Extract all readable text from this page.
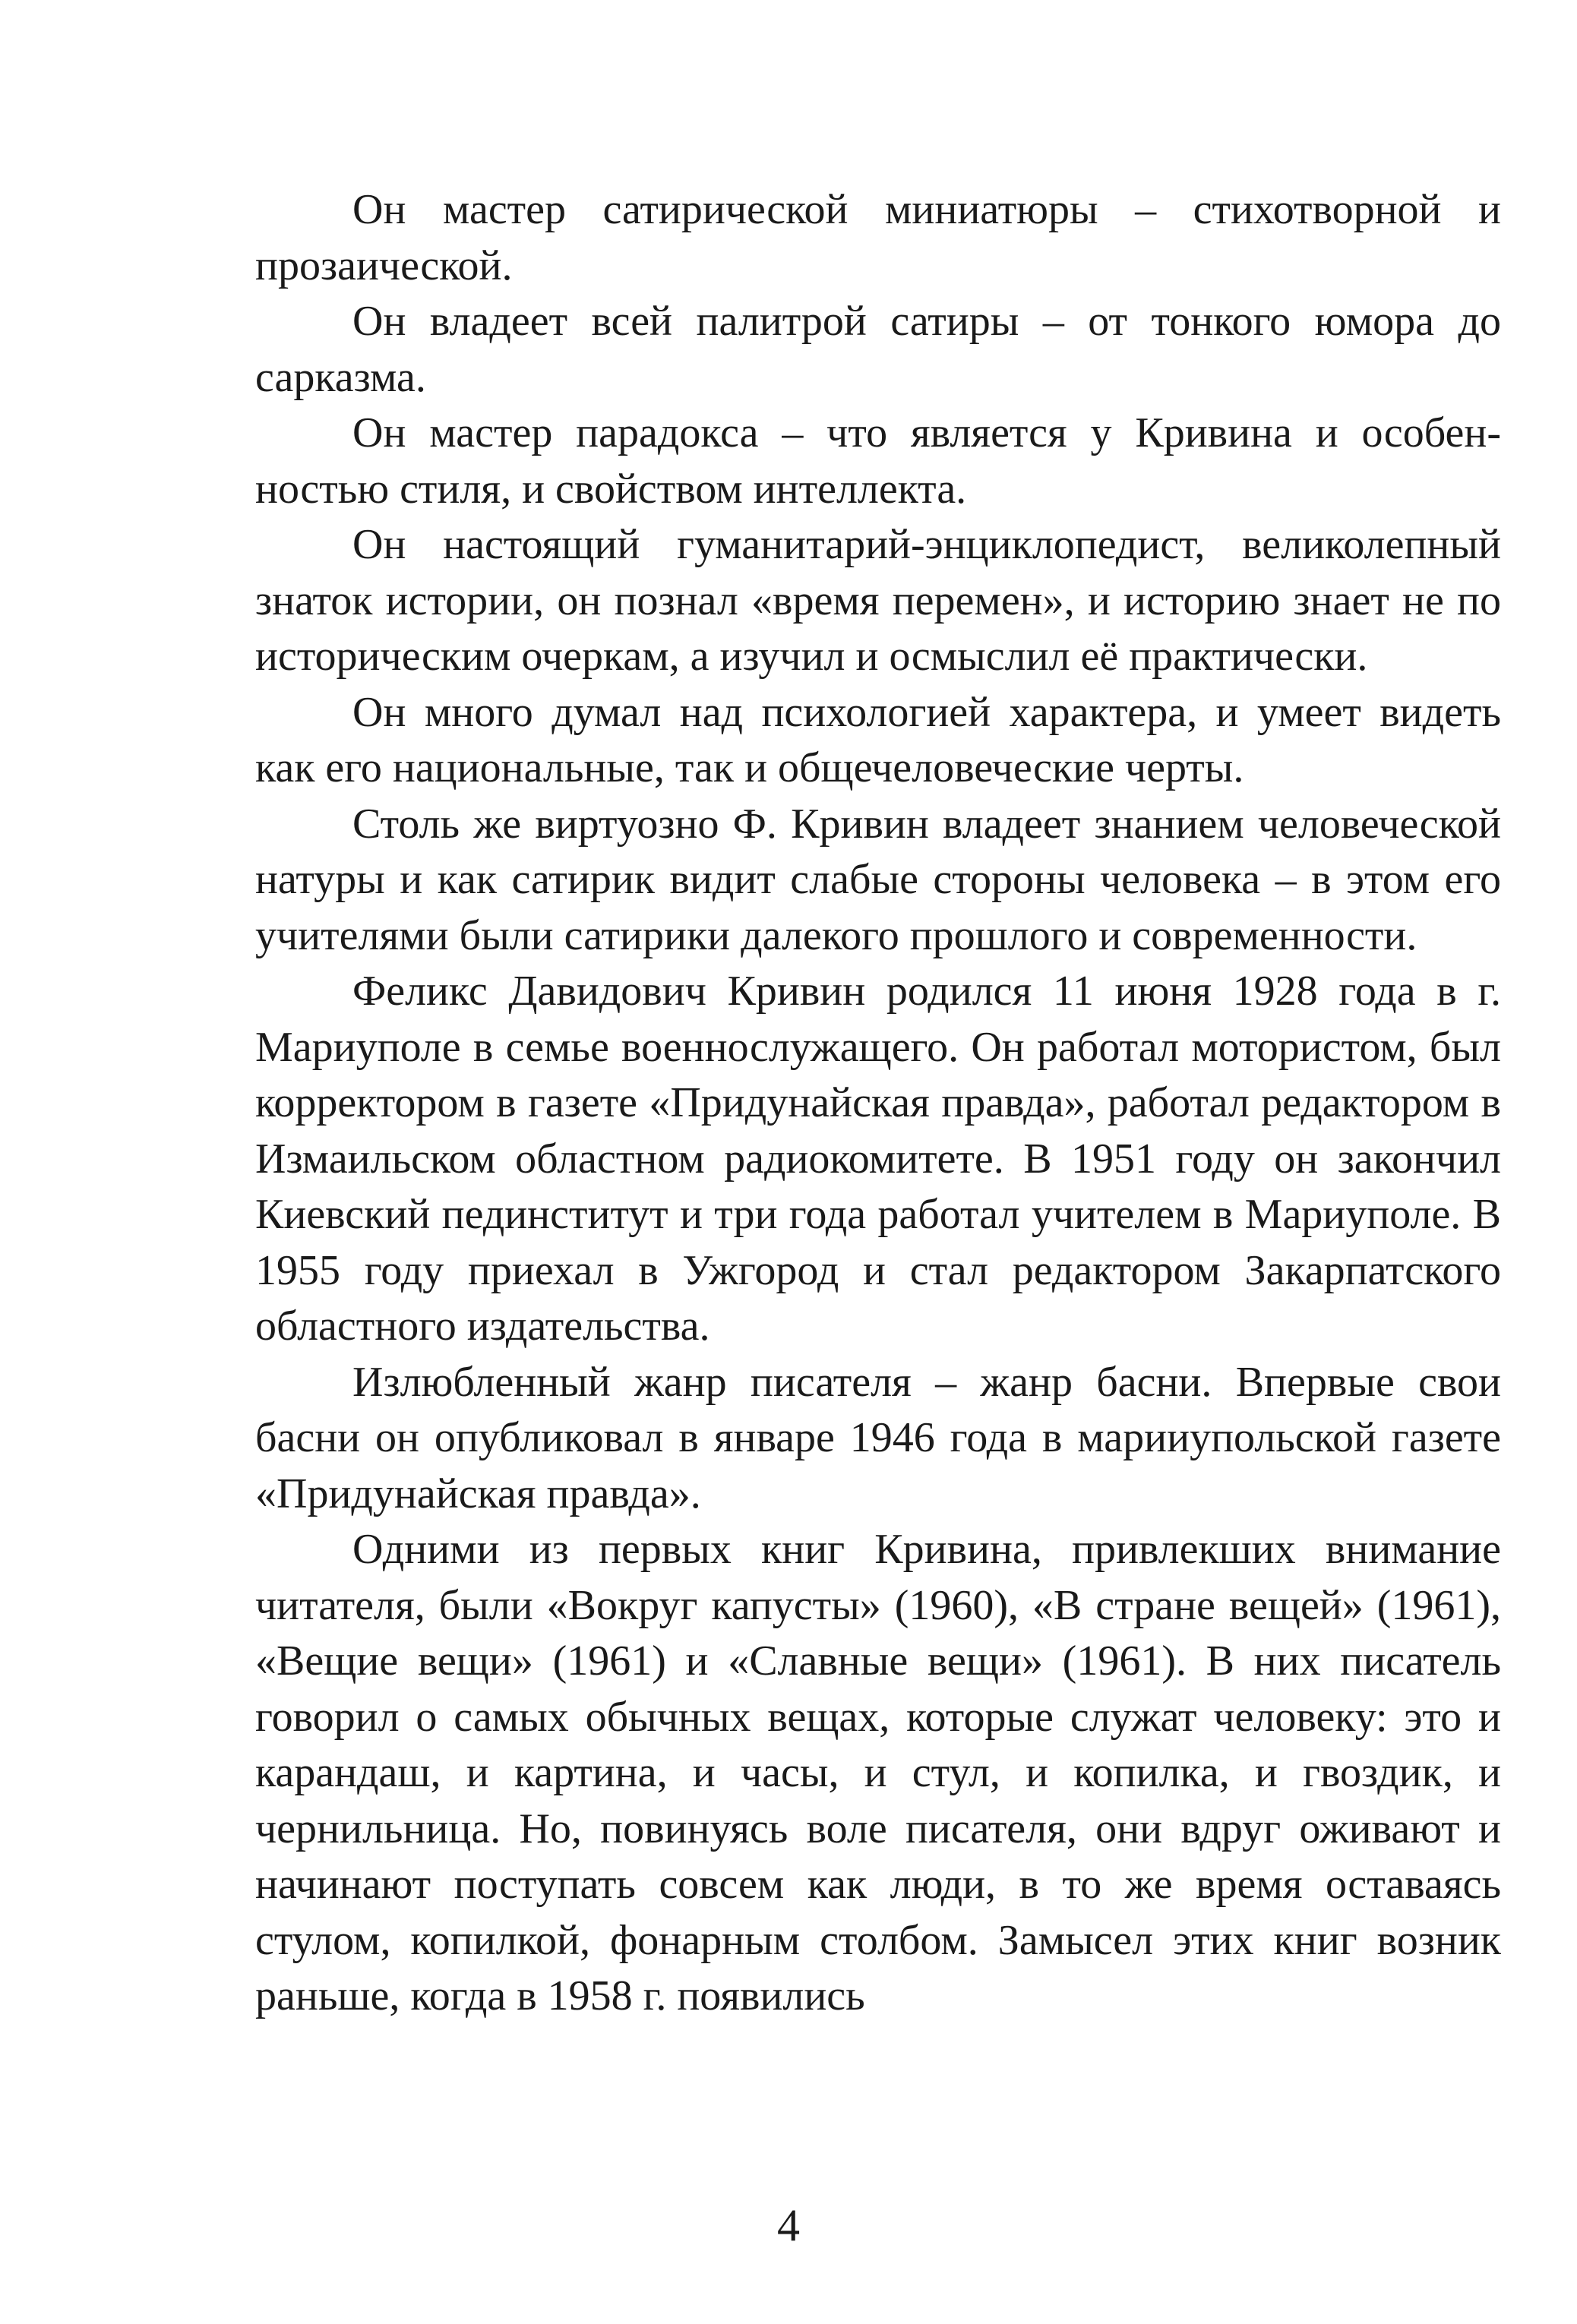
Он мастер сатирической миниатюры – стихотворной и прозаической.

Он владеет всей палитрой сатиры – от тонкого юмора до сарказма.

Он мастер парадокса – что является у Кривина и особенностью стиля, и свойством интеллекта.

Он настоящий гуманитарий-энциклопедист, великолепный знаток истории, он познал «время перемен», и историю знает не по историческим очеркам, а изучил и осмыслил её практически.

Он много думал над психологией характера, и умеет видеть как его национальные, так и общечеловеческие черты.

Столь же виртуозно Ф. Кривин владеет знанием человеческой натуры и как сатирик видит слабые стороны человека – в этом его учителями были сатирики далекого прошлого и современности.

Феликс Давидович Кривин родился 11 июня 1928 года в г. Мариуполе в семье военнослужащего. Он работал мотористом, был корректором в газете «Придунайская правда», работал редактором в Измаильском областном радиокомитете. В 1951 году он закончил Киевский пединститут и три года работал учителем в Мариуполе. В 1955 году приехал в Ужгород и стал редактором Закарпатского областного издательства.

Излюбленный жанр писателя – жанр басни. Впервые свои басни он опубликовал в январе 1946 года в марииупольской газете «Придунайская правда».

Одними из первых книг Кривина, привлекших внимание читателя, были «Вокруг капусты» (1960), «В стране вещей» (1961), «Вещие вещи» (1961) и «Славные вещи» (1961). В них писатель говорил о самых обычных вещах, которые служат человеку: это и карандаш, и картина, и часы, и стул, и копилка, и гвоздик, и чернильница. Но, повинуясь воле писателя, они вдруг оживают и начинают поступать совсем как люди, в то же время оставаясь стулом, копилкой, фонарным столбом. Замысел этих книг возник раньше, когда в 1958 г. появились

4
